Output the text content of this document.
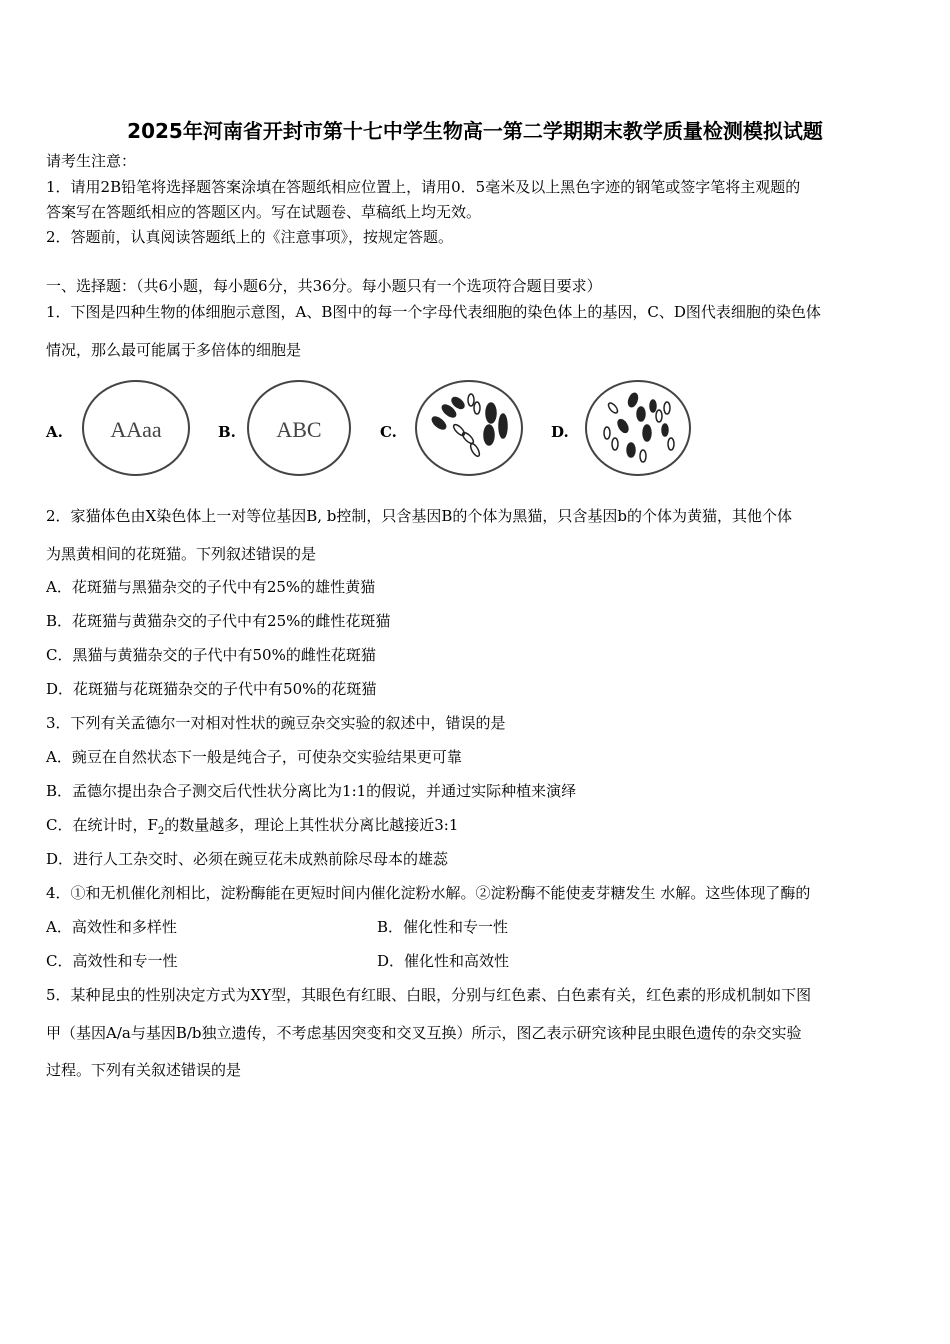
2025年河南省开封市第十七中学生物高一第二学期期末教学质量检测模拟试题
请考生注意：
1．请用2B铅笔将选择题答案涂填在答题纸相应位置上，请用0．5毫米及以上黑色字迹的钢笔或签字笔将主观题的
答案写在答题纸相应的答题区内。写在试题卷、草稿纸上均无效。
2．答题前，认真阅读答题纸上的《注意事项》，按规定答题。
一、选择题：（共6小题，每小题6分，共36分。每小题只有一个选项符合题目要求）
1．下图是四种生物的体细胞示意图，A、B图中的每一个字母代表细胞的染色体上的基因，C、D图代表细胞的染色体
情况，那么最可能属于多倍体的细胞是
A. AAaa	B. ABC	C.	D.
2．家猫体色由X染色体上一对等位基因B, b控制，只含基因B的个体为黑猫，只含基因b的个体为黄猫，其他个体
为黑黄相间的花斑猫。下列叙述错误的是
A．花斑猫与黑猫杂交的子代中有25%的雄性黄猫
B．花斑猫与黄猫杂交的子代中有25%的雌性花斑猫
C．黑猫与黄猫杂交的子代中有50%的雌性花斑猫
D．花斑猫与花斑猫杂交的子代中有50%的花斑猫
3．下列有关孟德尔一对相对性状的豌豆杂交实验的叙述中，错误的是
A．豌豆在自然状态下一般是纯合子，可使杂交实验结果更可靠
B．孟德尔提出杂合子测交后代性状分离比为1:1的假说，并通过实际种植来演绎
C．在统计时，$F_2$的数量越多，理论上其性状分离比越接近3:1
D．进行人工杂交时、必须在豌豆花未成熟前除尽母本的雄蕊
4．①和无机催化剂相比，淀粉酶能在更短时间内催化淀粉水解。②淀粉酶不能使麦芽糖发生 水解。这些体现了酶的
A．高效性和多样性	B．催化性和专一性
C．高效性和专一性	D．催化性和高效性
5．某种昆虫的性别决定方式为XY型，其眼色有红眼、白眼，分别与红色素、白色素有关，红色素的形成机制如下图
甲（基因A/a与基因B/b独立遗传，不考虑基因突变和交叉互换）所示，图乙表示研究该种昆虫眼色遗传的杂交实验
过程。下列有关叙述错误的是
